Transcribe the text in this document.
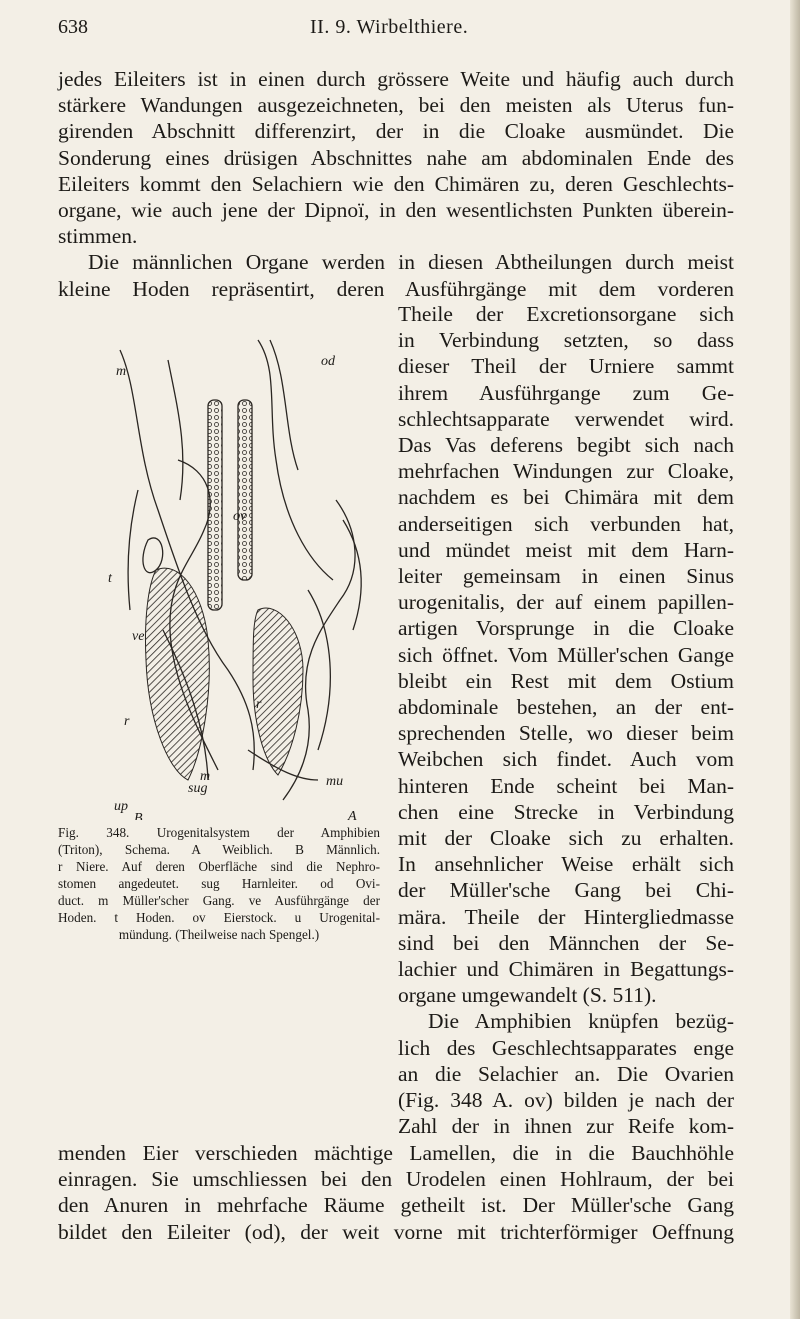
638	II. 9. Wirbelthiere.
jedes Eileiters ist in einen durch grössere Weite und häufig auch durch
stärkere Wandungen ausgezeichneten, bei den meisten als Uterus fun-
girenden Abschnitt differenzirt, der in die Cloake ausmündet. Die
Sonderung eines drüsigen Abschnittes nahe am abdominalen Ende des
Eileiters kommt den Selachiern wie den Chimären zu, deren Geschlechts-
organe, wie auch jene der Dipnoï, in den wesentlichsten Punkten überein-
stimmen.
Die männlichen Organe werden in diesen Abtheilungen durch meist
kleine Hoden repräsentirt, deren Ausführgänge mit dem vorderen
Theile der Excretionsorgane sich
in Verbindung setzten, so dass
dieser Theil der Urniere sammt
ihrem Ausführgange zum Ge-
schlechtsapparate verwendet wird.
Das Vas deferens begibt sich nach
mehrfachen Windungen zur Cloake,
nachdem es bei Chimära mit dem
anderseitigen sich verbunden hat,
und mündet meist mit dem Harn-
leiter gemeinsam in einen Sinus
urogenitalis, der auf einem papillen-
artigen Vorsprunge in die Cloake
sich öffnet. Vom Müller'schen Gange
bleibt ein Rest mit dem Ostium
abdominale bestehen, an der ent-
sprechenden Stelle, wo dieser beim
Weibchen sich findet. Auch vom
hinteren Ende scheint bei Man-
chen eine Strecke in Verbindung
mit der Cloake sich zu erhalten.
In ansehnlicher Weise erhält sich
der Müller'sche Gang bei Chi-
mära. Theile der Hintergliedmasse
sind bei den Männchen der Se-
lachier und Chimären in Begattungs-
organe umgewandelt (S. 511).
Die Amphibien knüpfen bezüg-
lich des Geschlechtsapparates enge
an die Selachier an. Die Ovarien
(Fig. 348 A. ov) bilden je nach der
Zahl der in ihnen zur Reife kom-
m
t
ve
ov
od
r
r
m
sug	mu
up
B	A
Fig. 348. Urogenitalsystem der Amphibien
(Triton), Schema. A Weiblich. B Männlich.
r Niere. Auf deren Oberfläche sind die Nephro-
stomen angedeutet. sug Harnleiter. od Ovi-
duct. m Müller'scher Gang. ve Ausführgänge der
Hoden. t Hoden. ov Eierstock. u Urogenital-
mündung. (Theilweise nach Spengel.)
menden Eier verschieden mächtige Lamellen, die in die Bauchhöhle
einragen. Sie umschliessen bei den Urodelen einen Hohlraum, der bei
den Anuren in mehrfache Räume getheilt ist. Der Müller'sche Gang
bildet den Eileiter (od), der weit vorne mit trichterförmiger Oeffnung
